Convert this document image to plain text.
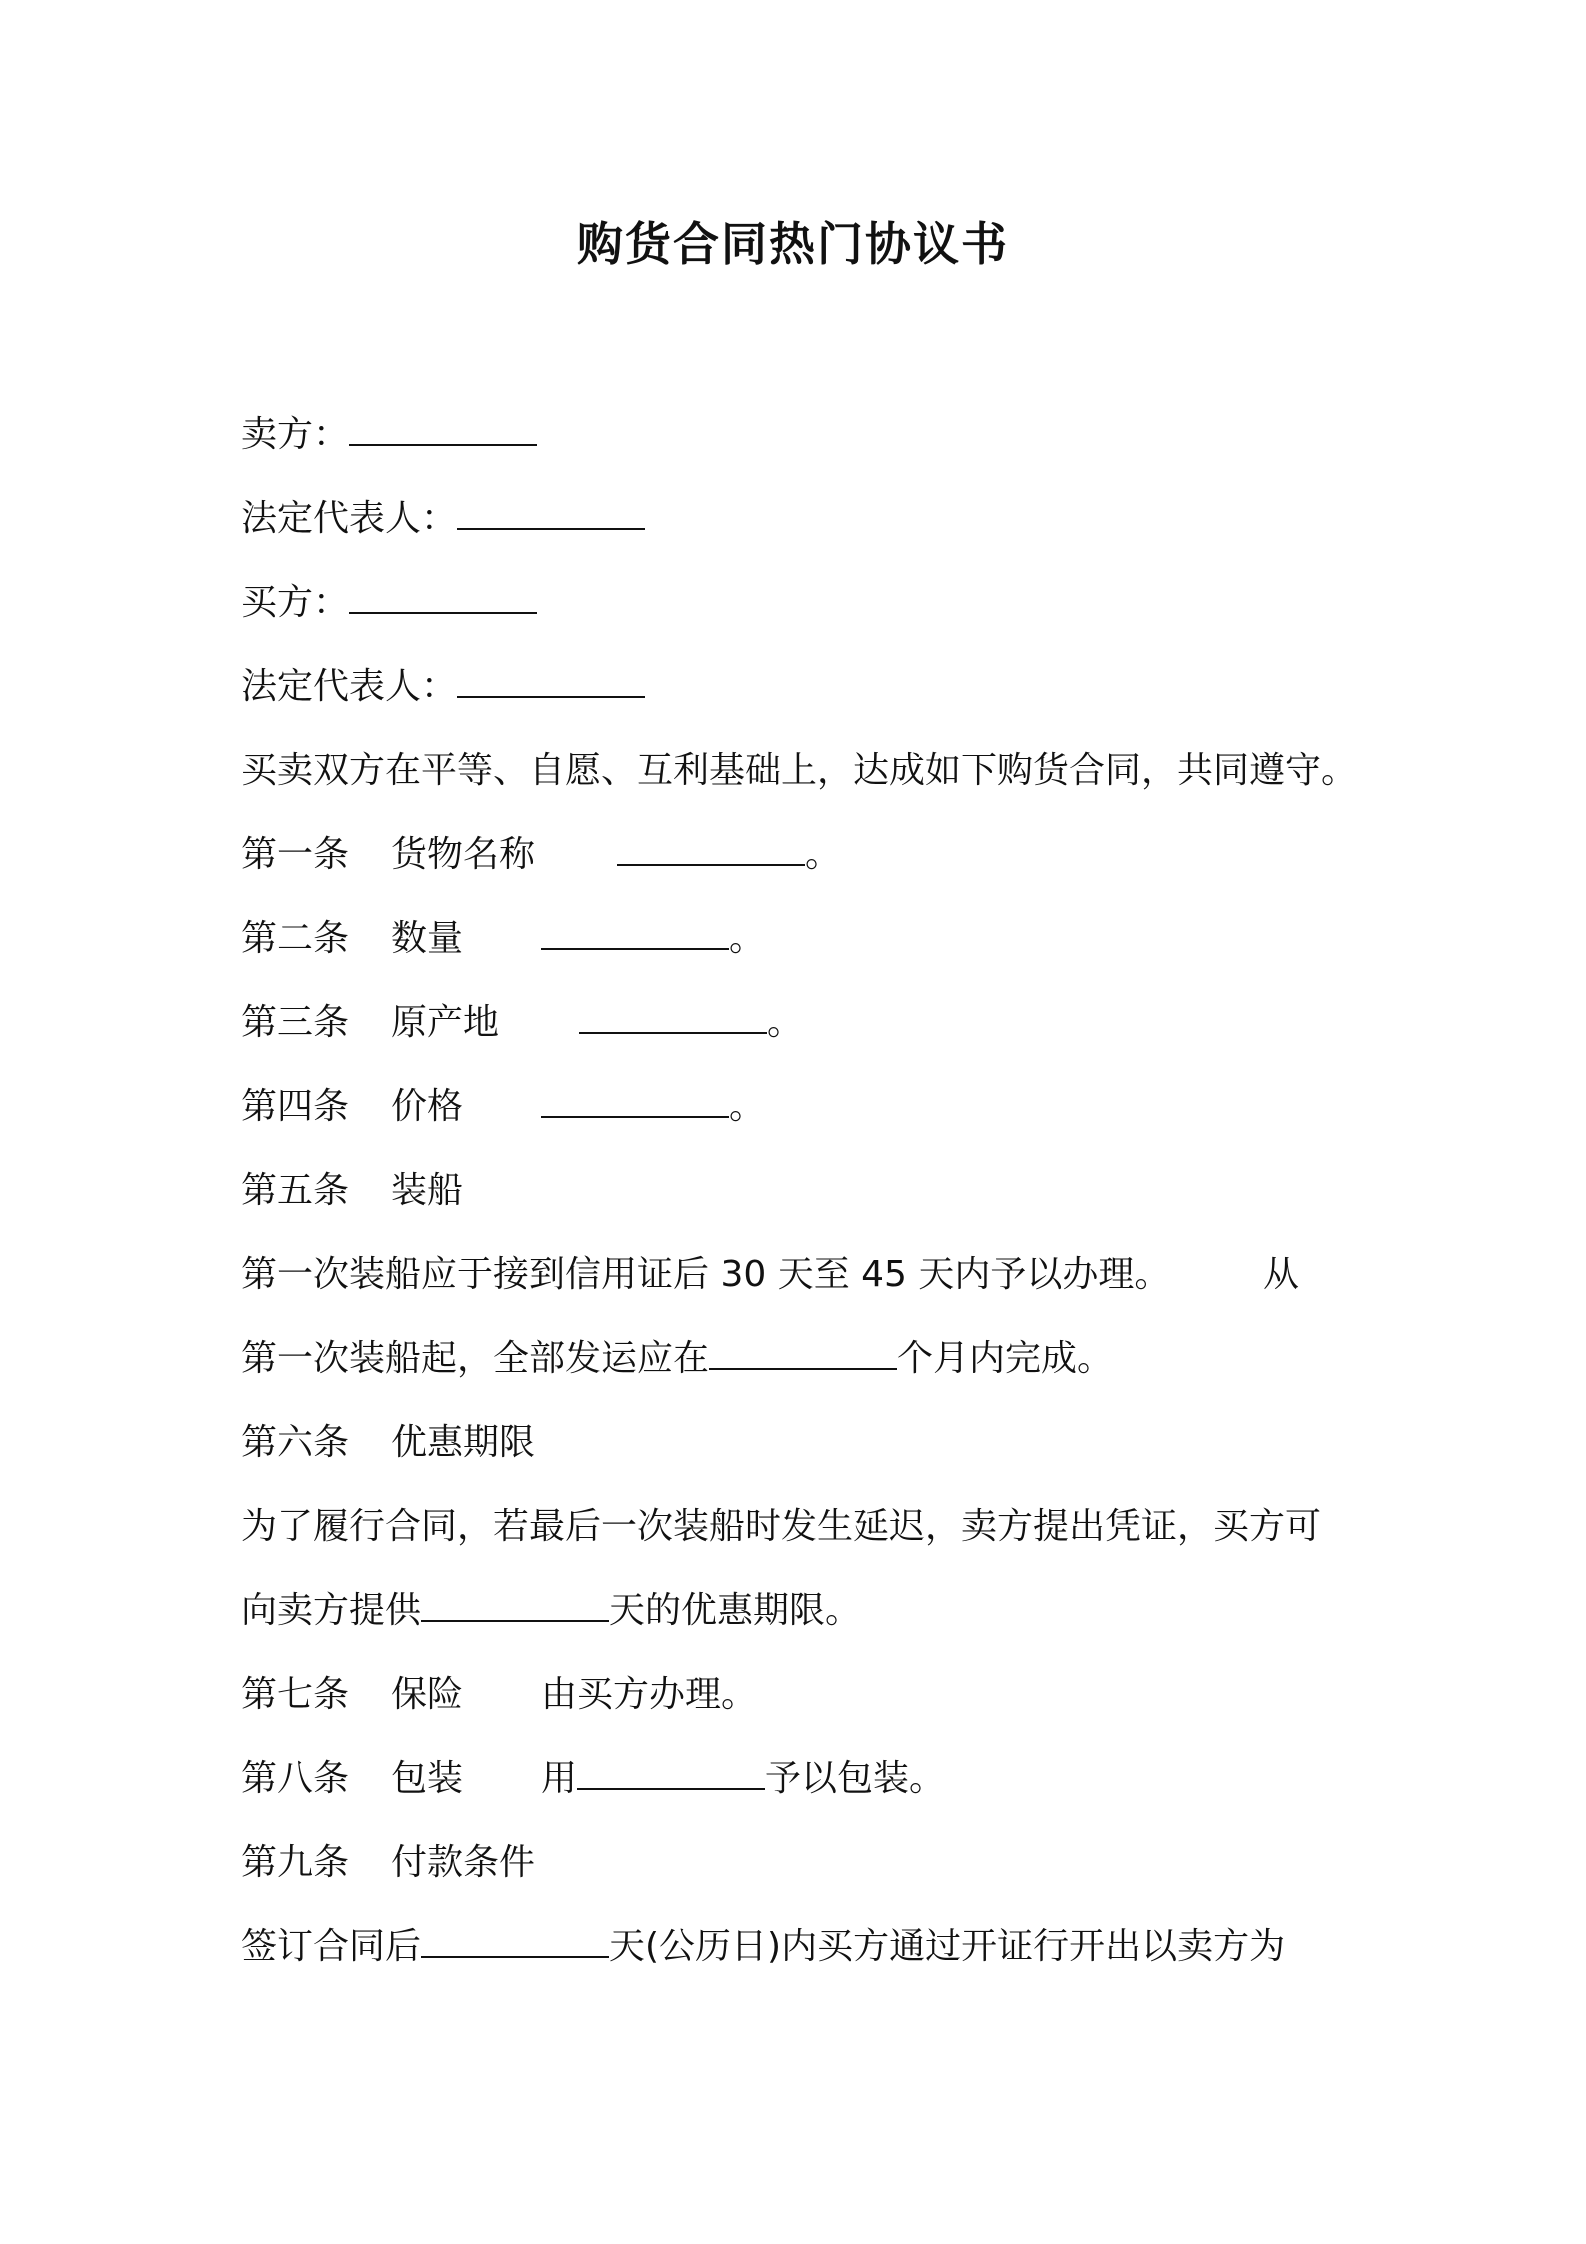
购货合同热门协议书
卖方：
法定代表人：
买方：
法定代表人：
买卖双方在平等、自愿、互利基础上，达成如下购货合同，共同遵守。
第一条 货物名称	。
第二条 数量	。
第三条 原产地	。
第四条 价格	。
第五条 装船
第一次装船应于接到信用证后 30 天至 45 天内予以办理。	从
第一次装船起，全部发运应在	个月内完成。
第六条 优惠期限
为了履行合同，若最后一次装船时发生延迟，卖方提出凭证，买方可
向卖方提供	天的优惠期限。
第七条 保险 由买方办理。
第八条 包装 用	予以包装。
第九条 付款条件
签订合同后	天(公历日)内买方通过开证行开出以卖方为
